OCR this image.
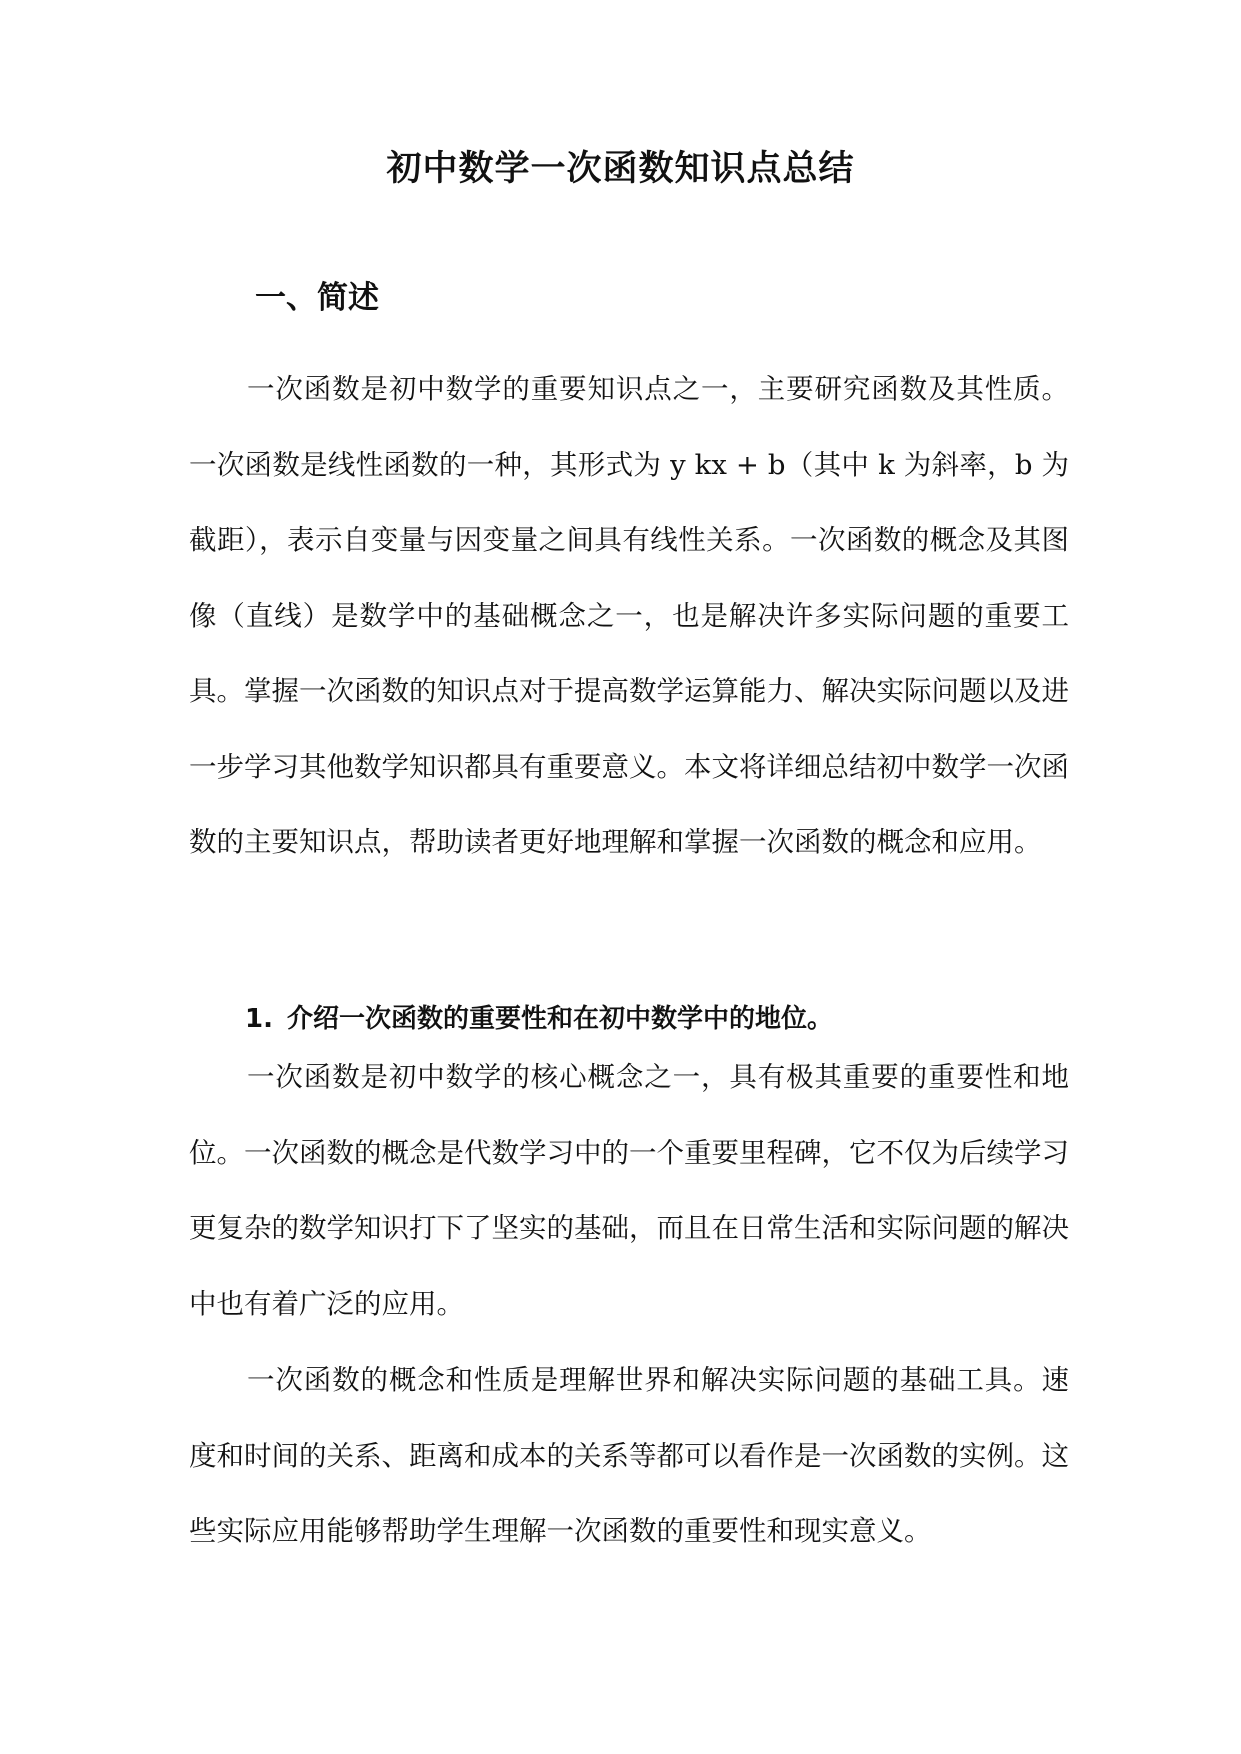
初中数学一次函数知识点总结
一、简述

一次函数是初中数学的重要知识点之一，主要研究函数及其性质。一次函数是线性函数的一种，其形式为 y kx + b（其中 k 为斜率，b 为截距），表示自变量与因变量之间具有线性关系。一次函数的概念及其图像（直线）是数学中的基础概念之一，也是解决许多实际问题的重要工具。掌握一次函数的知识点对于提高数学运算能力、解决实际问题以及进一步学习其他数学知识都具有重要意义。本文将详细总结初中数学一次函数的主要知识点，帮助读者更好地理解和掌握一次函数的概念和应用。

1. 介绍一次函数的重要性和在初中数学中的地位。

一次函数是初中数学的核心概念之一，具有极其重要的重要性和地位。一次函数的概念是代数学习中的一个重要里程碑，它不仅为后续学习更复杂的数学知识打下了坚实的基础，而且在日常生活和实际问题的解决中也有着广泛的应用。

一次函数的概念和性质是理解世界和解决实际问题的基础工具。速度和时间的关系、距离和成本的关系等都可以看作是一次函数的实例。这些实际应用能够帮助学生理解一次函数的重要性和现实意义。
